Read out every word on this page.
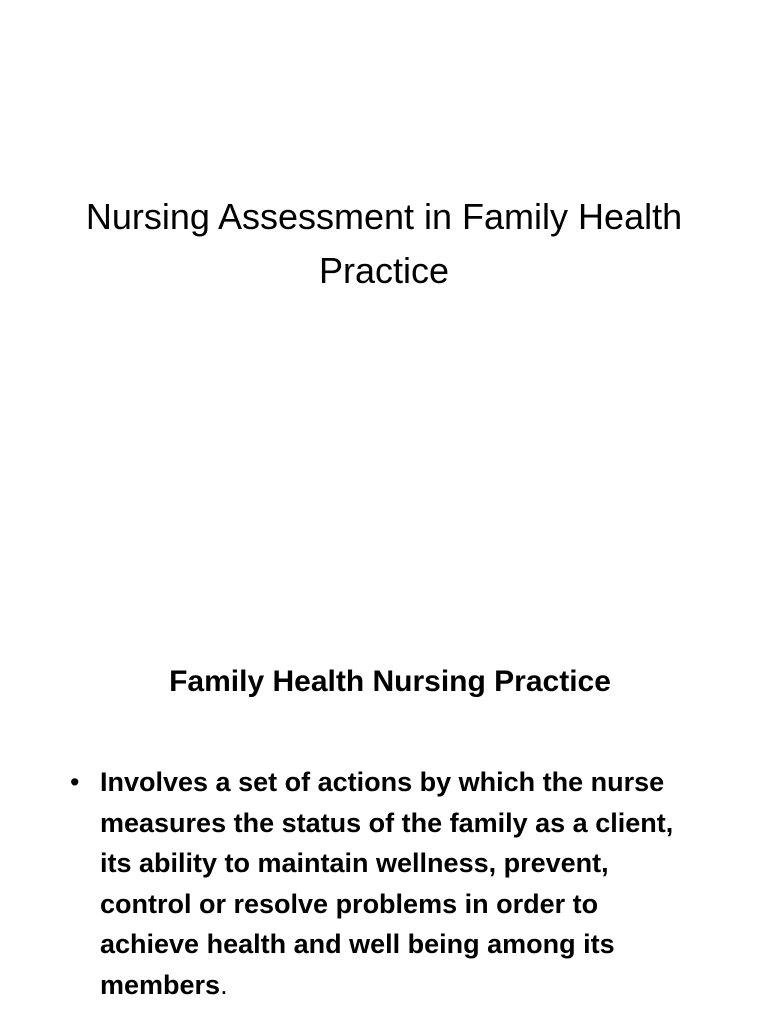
Nursing Assessment in Family Health Practice
Family Health Nursing Practice
• Involves a set of actions by which the nurse measures the status of the family as a client, its ability to maintain wellness, prevent, control or resolve problems in order to achieve health and well being among its members.
